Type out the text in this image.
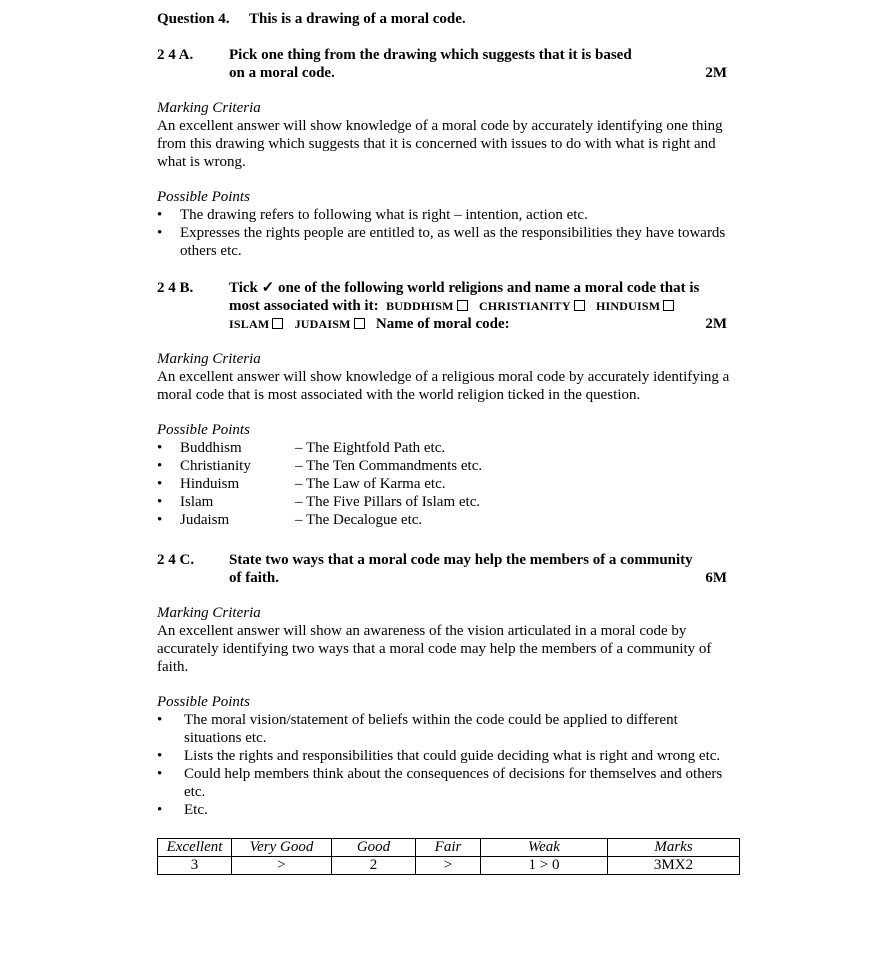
Question 4. This is a drawing of a moral code.
2 4 A. Pick one thing from the drawing which suggests that it is based
on a moral code.	2M
Marking Criteria
An excellent answer will show knowledge of a moral code by accurately identifying one thing from this drawing which suggests that it is concerned with issues to do with what is right and what is wrong.
Possible Points
• The drawing refers to following what is right – intention, action etc.
• Expresses the rights people are entitled to, as well as the responsibilities they have towards others etc.
2 4 B. Tick ✓ one of the following world religions and name a moral code that is
most associated with it: BUDDHISM CHRISTIANITY HINDUISM
ISLAM JUDAISM Name of moral code:	2M
Marking Criteria
An excellent answer will show knowledge of a religious moral code by accurately identifying a moral code that is most associated with the world religion ticked in the question.
Possible Points
• Buddhism	– The Eightfold Path etc.
• Christianity	– The Ten Commandments etc.
• Hinduism	– The Law of Karma etc.
• Islam	– The Five Pillars of Islam etc.
• Judaism	– The Decalogue etc.
2 4 C. State two ways that a moral code may help the members of a community
of faith.	6M
Marking Criteria
An excellent answer will show an awareness of the vision articulated in a moral code by accurately identifying two ways that a moral code may help the members of a community of faith.
Possible Points
• The moral vision/statement of beliefs within the code could be applied to different situations etc.
• Lists the rights and responsibilities that could guide deciding what is right and wrong etc.
• Could help members think about the consequences of decisions for themselves and others etc.
• Etc.
Excellent	Very Good	Good	Fair	Weak	Marks
3	>	2	>	1 > 0	3MX2
